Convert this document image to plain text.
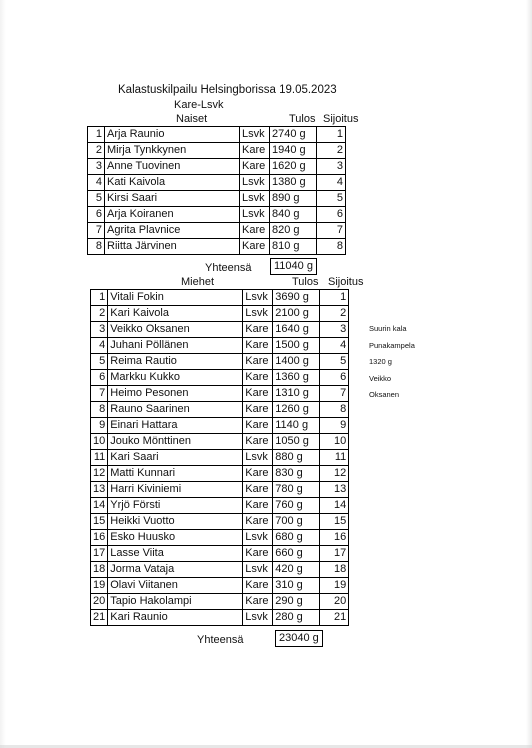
Kalastuskilpailu Helsingborissa 19.05.2023
Kare-Lsvk
Naiset	Tulos Sijoitus
1	Arja Raunio	Lsvk	2740 g	1
2	Mirja Tynkkynen	Kare	1940 g	2
3	Anne Tuovinen	Kare	1620 g	3
4	Kati Kaivola	Lsvk	1380 g	4
5	Kirsi Saari	Lsvk	890 g	5
6	Arja Koiranen	Lsvk	840 g	6
7	Agrita Plavnice	Kare	820 g	7
8	Riitta Järvinen	Kare	810 g	8
Yhteensä	11040 g
Miehet	Tulos Sijoitus
1	Vitali Fokin	Lsvk	3690 g	1
2	Kari Kaivola	Lsvk	2100 g	2
3	Veikko Oksanen	Kare	1640 g	3
4	Juhani Pöllänen	Kare	1500 g	4
5	Reima Rautio	Kare	1400 g	5
6	Markku Kukko	Kare	1360 g	6
7	Heimo Pesonen	Kare	1310 g	7
8	Rauno Saarinen	Kare	1260 g	8
9	Einari Hattara	Kare	1140 g	9
10	Jouko Mönttinen	Kare	1050 g	10
11	Kari Saari	Lsvk	880 g	11
12	Matti Kunnari	Kare	830 g	12
13	Harri Kiviniemi	Kare	780 g	13
14	Yrjö Försti	Kare	760 g	14
15	Heikki Vuotto	Kare	700 g	15
16	Esko Huusko	Lsvk	680 g	16
17	Lasse Viita	Kare	660 g	17
18	Jorma Vataja	Lsvk	420 g	18
19	Olavi Viitanen	Kare	310 g	19
20	Tapio Hakolampi	Kare	290 g	20
21	Kari Raunio	Lsvk	280 g	21
Yhteensä	23040 g
Suurin kala
Punakampela
1320 g
Veikko
Oksanen
